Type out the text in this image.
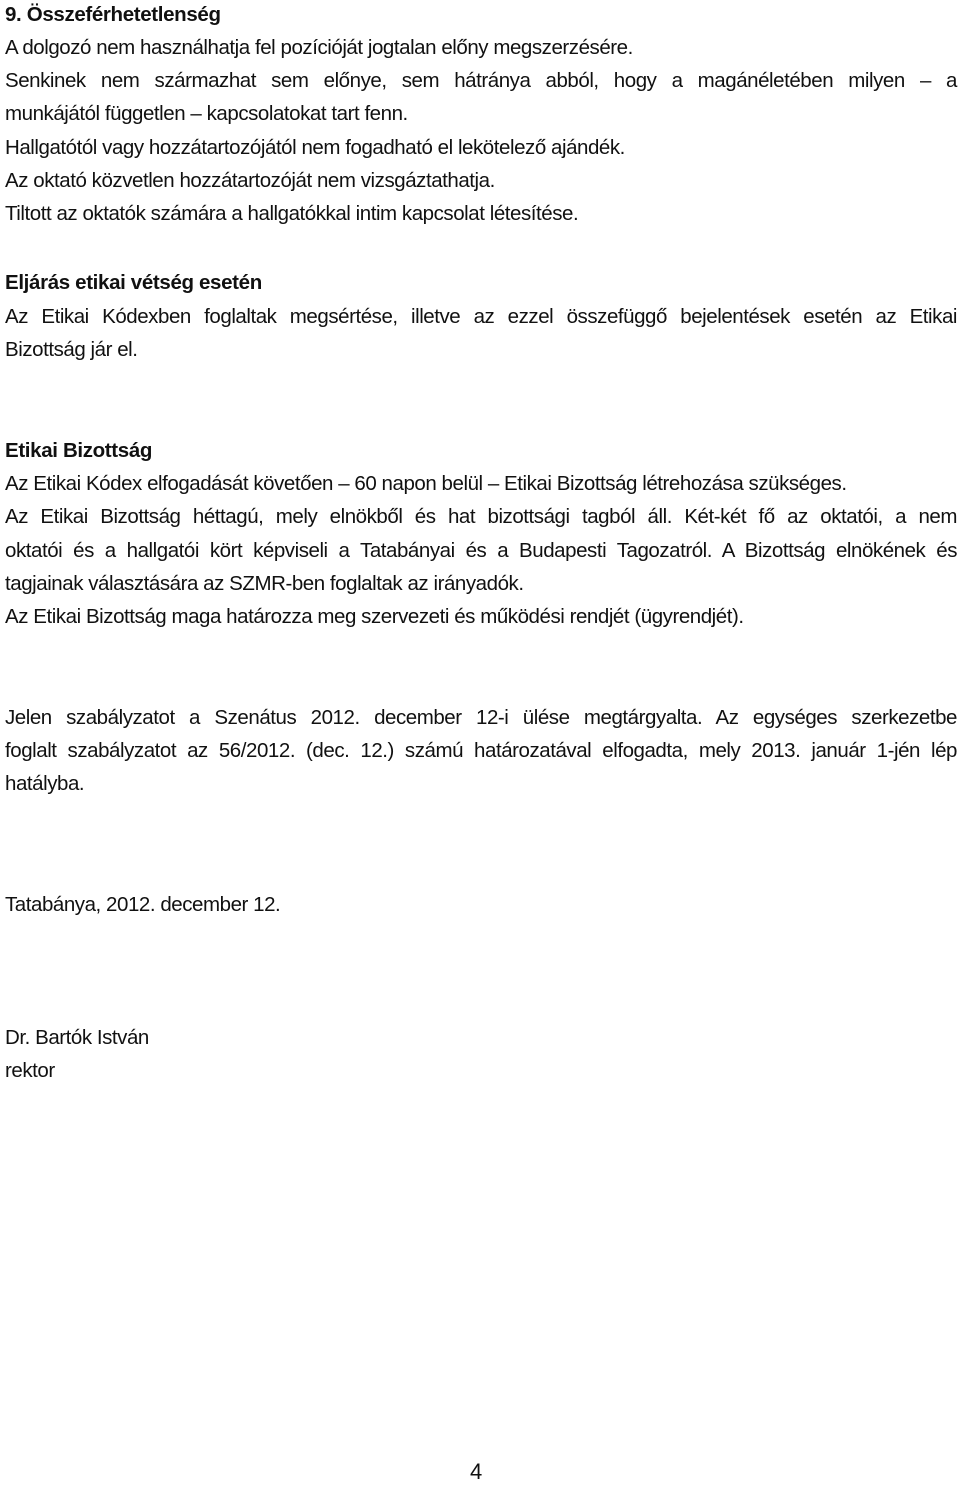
9. Összeférhetetlenség

A dolgozó nem használhatja fel pozícióját jogtalan előny megszerzésére.

Senkinek nem származhat sem előnye, sem hátránya abból, hogy a magánéletében milyen – a

munkájától független – kapcsolatokat tart fenn.

Hallgatótól vagy hozzátartozójától nem fogadható el lekötelező ajándék.

Az oktató közvetlen hozzátartozóját nem vizsgáztathatja.

Tiltott az oktatók számára a hallgatókkal intim kapcsolat létesítése.

Eljárás etikai vétség esetén

Az Etikai Kódexben foglaltak megsértése, illetve az ezzel összefüggő bejelentések esetén az Etikai

Bizottság jár el.

Etikai Bizottság

Az Etikai Kódex elfogadását követően – 60 napon belül – Etikai Bizottság létrehozása szükséges.

Az Etikai Bizottság héttagú, mely elnökből és hat bizottsági tagból áll. Két-két fő az oktatói, a nem

oktatói és a hallgatói kört képviseli a Tatabányai és a Budapesti Tagozatról. A Bizottság elnökének és

tagjainak választására az SZMR-ben foglaltak az irányadók.

Az Etikai Bizottság maga határozza meg szervezeti és működési rendjét (ügyrendjét).

Jelen szabályzatot a Szenátus 2012. december 12-i ülése megtárgyalta. Az egységes szerkezetbe

foglalt szabályzatot az 56/2012. (dec. 12.) számú határozatával elfogadta, mely 2013. január 1-jén lép

hatályba.

Tatabánya, 2012. december 12.

Dr. Bartók István

rektor

4
